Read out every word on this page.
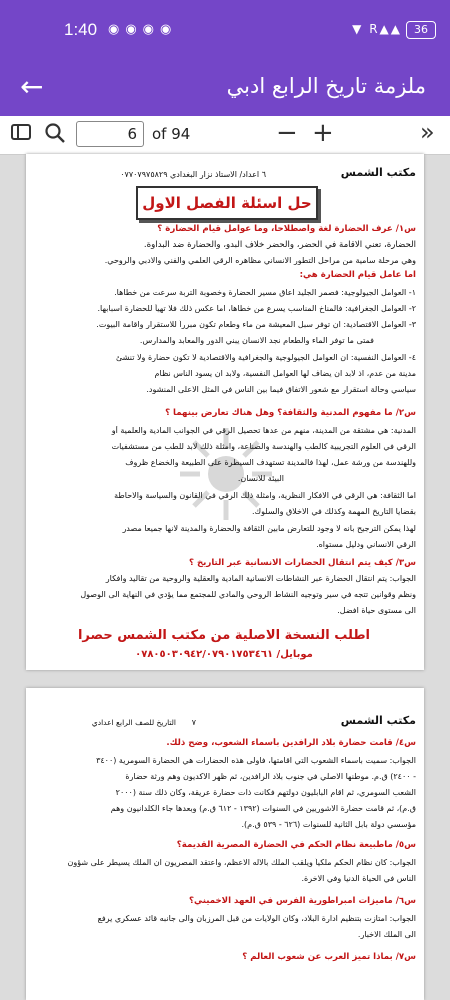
1:40 ◉◉◉◉	▼ R▲▲	36
←	ملزمة تاريخ الرابع ادبي
6	of 94	− +	»
٦ اعداد/ الاستاذ نزار البغدادي ٠٧٧٠٧٩٧٥٨٢٩	مكتب الشمس
حل اسئلة الفصل الاول
س١/ عرف الحضارة لغة واصطلاحا، وما عوامل قيام الحضارة ؟
الحضارة، تعني الاقامة في الحضر، والحضر خلاف البدو، والحضارة ضد البداوة.
وهي مرحلة سامية من مراحل التطور الانساني مظاهره الرقي العلمي والفني والادبي والروحي.
اما عامل قيام الحضارة هي:
١- العوامل الجيولوجية: فصمر الجليد اعاق مسير الحضارة وخصوبة التربة سرعت من خطاها.
٢- العوامل الجغرافية: فالمناخ المناسب يسرع من خطاها، اما عكس ذلك فلا تهيأ للحضارة اسبابها.
٣- العوامل الاقتصادية: ان توفر سبل المعيشة من ماء وطعام تكون مبرراً للاستقرار واقامة البيوت.
فمتى ما توفر الماء والطعام نجد الانسان يبني الدور والمعابد والمدارس.
٤- العوامل النفسية: ان العوامل الجيولوجية والجغرافية والاقتصادية لا تكون حضارة ولا تنشئ
مدينة من عدم، اذ لابد ان يضاف لها العوامل النفسية، ولابد ان يسود الناس نظام
سياسي وحالة استقرار مع شعور الاتفاق فيما بين الناس في المثل الاعلى المنشود.
س٢/ ما مفهوم المدنية والثقافة؟ وهل هناك تعارض بينهما ؟
المدنية: هي مشتقة من المدينة، منهم من عدها تحصيل الرقي في الجوانب المادية والعلمية أو
الرقي في العلوم التجريبية كالطب والهندسة والصناعة، وامثلة ذلك لابد للطب من مستشفيات
وللهندسة من ورشة عمل، لهذا فالمدينة تستهدف السيطرة على الطبيعة والخضاع ظروف
البيئة للانسان.
اما الثقافة: هي الرقي في الافكار النظرية، وامثلة ذلك الرقي في القانون والسياسة والاحاطة
بقضايا التاريخ المهمة وكذلك في الاخلاق والسلوك.
لهذا يمكن الترجيح بانه لا وجود للتعارض مابين الثقافة والحضارة والمدينة لانها جميعا مصدر
الرقي الانساني ودليل مستواه.
س٣/ كيف يتم انتقال الحضارات الانسانية عبر التاريخ ؟
الجواب: يتم انتقال الحضارة عبر النشاطات الانسانية المادية والعقلية والروحية من تقاليد وافكار
ونظم وقوانين تتجه في سير وتوجيه النشاط الروحي والمادي للمجتمع مما يؤدي في النهاية الى الوصول
الى مستوى حياة افضل.
اطلب النسخة الاصلية من مكتب الشمس حصرا
موبايل/ ٠٧٨٠٥٠٣٠٩٤٢/٠٧٩٠١٧٥٣٤٦١
٧
التاريخ للصف الرابع اعدادي	مكتب الشمس
س٤/ قامت حضارة بلاد الرافدين بأسماء الشعوب، وضح ذلك.
الجواب: سميت باسماء الشعوب التي اقامتها، فاولى هذه الحضارات هي الحضارة السومرية (٣٤٠٠
- ٢٤٠٠) ق.م. موطنها الاصلي في جنوب بلاد الرافدين، ثم ظهر الاكديون وهم ورثة حضارة
الشعب السومري، ثم اقام البابليون دولتهم فكانت ذات حضارة عريقة، وكان ذلك سنة (٢٠٠٠
ق.م)، ثم قامت حضارة الاشوريين في السنوات (١٣٩٢ - ٦١٢ ق.م) وبعدها جاء الكلدانيون وهم
مؤسسي دولة بابل الثانية للسنوات (٦٢٦ - ٥٣٩ ق.م).
س٥/ ماطبيعة نظام الحكم في الحضارة المصرية القديمة؟
الجواب: كان نظام الحكم ملكياً ويلقب الملك بالاله الاعظم، واعتقد المصريون ان الملك يسيطر على شؤون
الناس في الحياة الدنيا وفي الاخرة.
س٦/ ماميزات امبراطورية الفرس في العهد الاخميني؟
الجواب: امتازت بتنظيم ادارة البلاد، وكان الولايات من قبل المرزبان والى جانبه قائد عسكري يرفع
الى الملك الاخبار.
س٧/ بماذا تميز العرب عن شعوب العالم ؟
